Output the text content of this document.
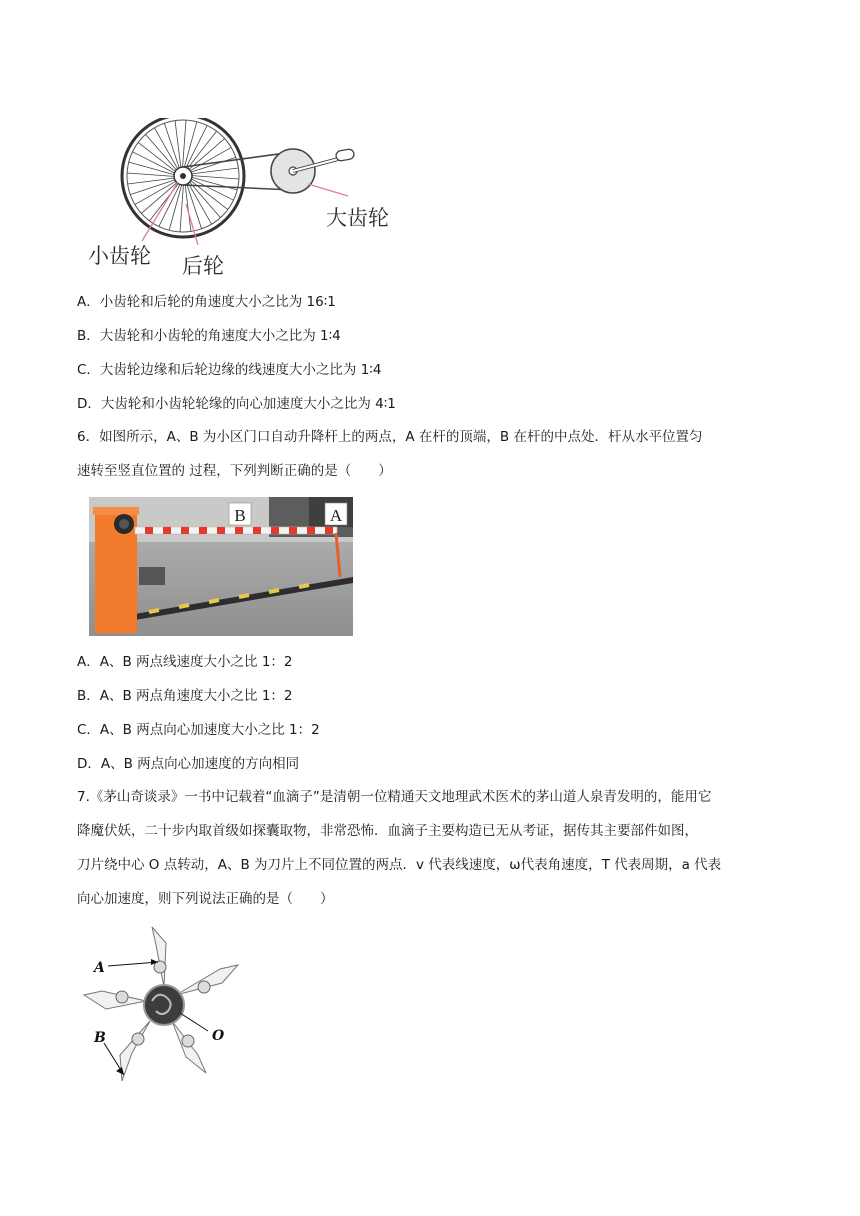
小齿轮 后轮
大齿轮
A．小齿轮和后轮的角速度大小之比为 16∶1
B．大齿轮和小齿轮的角速度大小之比为 1∶4
C．大齿轮边缘和后轮边缘的线速度大小之比为 1∶4
D．大齿轮和小齿轮轮缘的向心加速度大小之比为 4∶1
6．如图所示，A、B 为小区门口自动升降杆上的两点，A 在杆的顶端，B 在杆的中点处．杆从水平位置匀
速转至竖直位置的 过程，下列判断正确的是（　　）
B	A
A．A、B 两点线速度大小之比 1：2
B．A、B 两点角速度大小之比 1：2
C．A、B 两点向心加速度大小之比 1：2
D．A、B 两点向心加速度的方向相同
7.《茅山奇谈录》一书中记载着“血滴子”是清朝一位精通天文地理武术医术的茅山道人泉青发明的，能用它
降魔伏妖，二十步内取首级如探囊取物，非常恐怖．血滴子主要构造已无从考证，据传其主要部件如图，
刀片绕中心 O 点转动，A、B 为刀片上不同位置的两点．v 代表线速度，ω代表角速度，T 代表周期，a 代表
向心加速度，则下列说法正确的是（　　）
A
B	O
